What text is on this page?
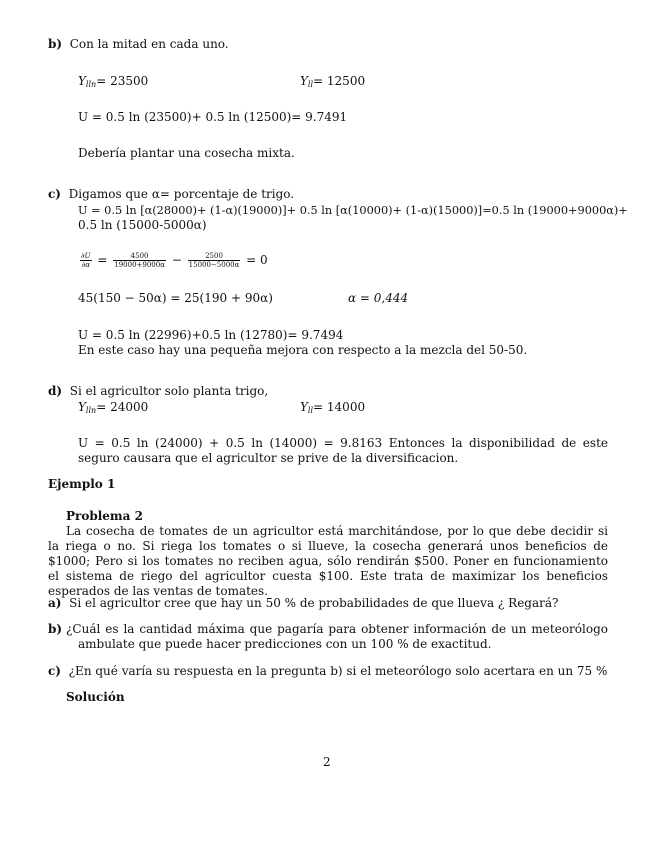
b) Con la mitad en cada uno.
$Y_{lln}= 23500$	$Y_{ll}= 12500$
U = 0.5 ln (23500)+ 0.5 ln (12500)= 9.7491
Debería plantar una cosecha mixta.
c) Digamos que α= porcentaje de trigo.
U = 0.5 ln [α(28000)+ (1-α)(19000)]+ 0.5 ln [α(10000)+ (1-α)(15000)]=0.5 ln (19000+9000α)+
0.5 ln (15000-5000α)
$\frac{\partial U}{\partial\alpha} = \frac{4500}{19000+9000\alpha} - \frac{2500}{15000-5000\alpha} = 0$
45(150 − 50α) = 25(190 + 90α)	α = 0,444
U = 0.5 ln (22996)+0.5 ln (12780)= 9.7494
En este caso hay una pequeña mejora con respecto a la mezcla del 50-50.
d) Si el agricultor solo planta trigo,
$Y_{lln}= 24000$	$Y_{ll}= 14000$
U = 0.5 ln (24000) + 0.5 ln (14000) = 9.8163 Entonces la disponibilidad de este seguro causara que el agricultor se prive de la diversificacion.
Ejemplo 1
Problema 2
La cosecha de tomates de un agricultor está marchitándose, por lo que debe decidir si la riega o no. Si riega los tomates o si llueve, la cosecha generará unos beneficios de $1000; Pero si los tomates no reciben agua, sólo rendirán $500. Poner en funcionamiento el sistema de riego del agricultor cuesta $100. Este trata de maximizar los beneficios esperados de las ventas de tomates.
a) Si el agricultor cree que hay un 50 % de probabilidades de que llueva ¿ Regará?
b) ¿Cuál es la cantidad máxima que pagaría para obtener información de un meteorólogo ambulate que puede hacer predicciones con un 100 % de exactitud.
c) ¿En qué varía su respuesta en la pregunta b) si el meteorólogo solo acertara en un 75 %
Solución
2
